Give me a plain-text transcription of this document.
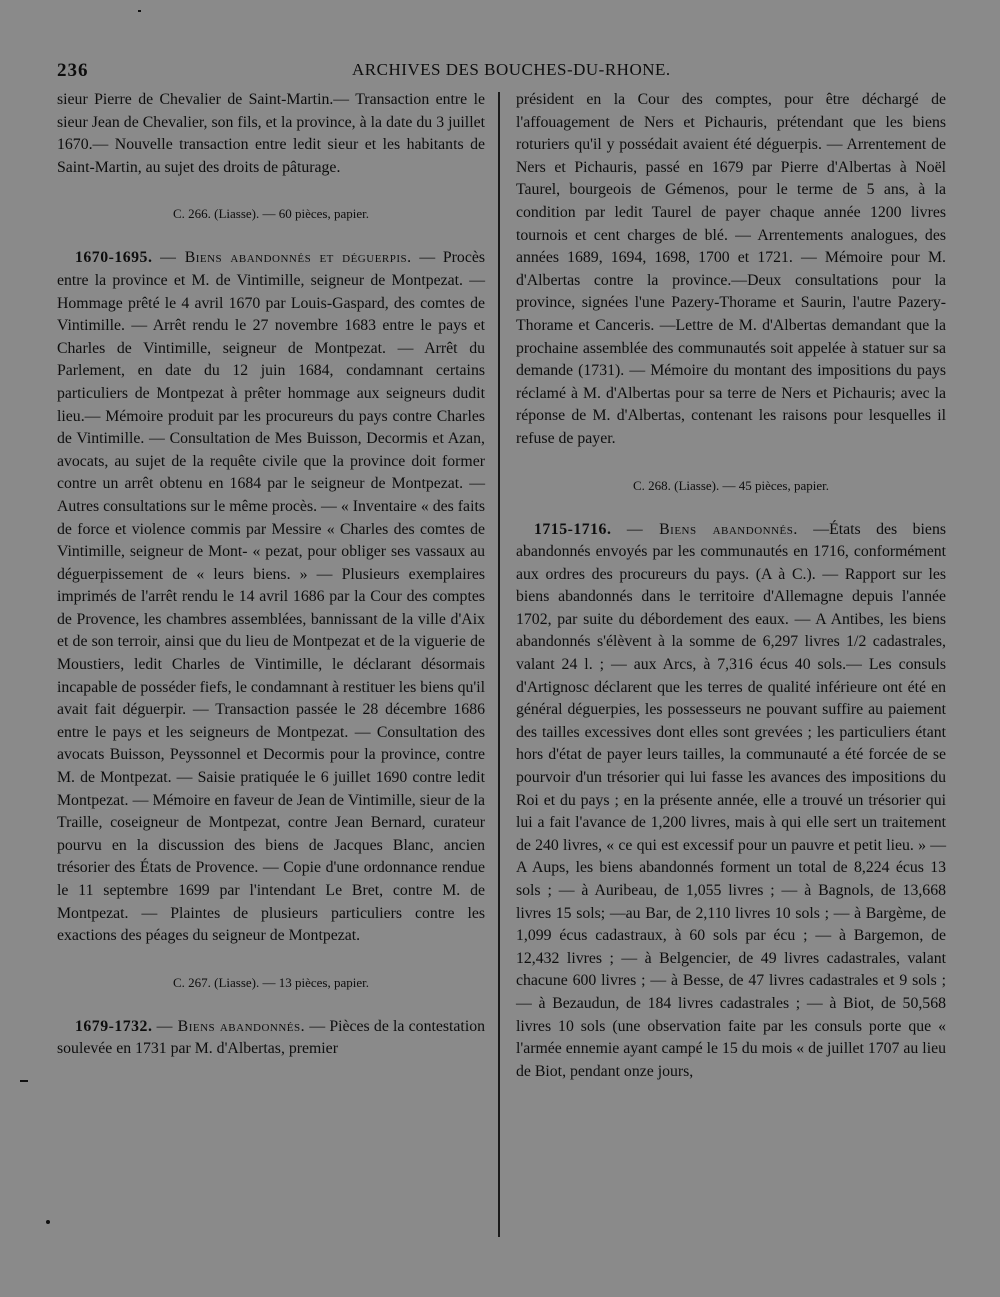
236	ARCHIVES DES BOUCHES-DU-RHONE.

sieur Pierre de Chevalier de Saint-Martin.— Transaction entre le sieur Jean de Chevalier, son fils, et la province, à la date du 3 juillet 1670.— Nouvelle transaction entre ledit sieur et les habitants de Saint-Martin, au sujet des droits de pâturage.

C. 266. (Liasse). — 60 pièces, papier.

1670-1695. — Biens abandonnés et déguerpis. — Procès entre la province et M. de Vintimille, seigneur de Montpezat. — Hommage prêté le 4 avril 1670 par Louis-Gaspard, des comtes de Vintimille. — Arrêt rendu le 27 novembre 1683 entre le pays et Charles de Vintimille, seigneur de Montpezat. — Arrêt du Parlement, en date du 12 juin 1684, condamnant certains particuliers de Montpezat à prêter hommage aux seigneurs dudit lieu.— Mémoire produit par les procureurs du pays contre Charles de Vintimille. — Consultation de Mes Buisson, Decormis et Azan, avocats, au sujet de la requête civile que la province doit former contre un arrêt obtenu en 1684 par le seigneur de Montpezat. — Autres consultations sur le même procès. — « Inventaire « des faits de force et violence commis par Messire « Charles des comtes de Vintimille, seigneur de Mont- « pezat, pour obliger ses vassaux au déguerpissement de « leurs biens. » — Plusieurs exemplaires imprimés de l'arrêt rendu le 14 avril 1686 par la Cour des comptes de Provence, les chambres assemblées, bannissant de la ville d'Aix et de son terroir, ainsi que du lieu de Montpezat et de la viguerie de Moustiers, ledit Charles de Vintimille, le déclarant désormais incapable de posséder fiefs, le condamnant à restituer les biens qu'il avait fait déguerpir. — Transaction passée le 28 décembre 1686 entre le pays et les seigneurs de Montpezat. — Consultation des avocats Buisson, Peyssonnel et Decormis pour la province, contre M. de Montpezat. — Saisie pratiquée le 6 juillet 1690 contre ledit Montpezat. — Mémoire en faveur de Jean de Vintimille, sieur de la Traille, coseigneur de Montpezat, contre Jean Bernard, curateur pourvu en la discussion des biens de Jacques Blanc, ancien trésorier des États de Provence. — Copie d'une ordonnance rendue le 11 septembre 1699 par l'intendant Le Bret, contre M. de Montpezat. — Plaintes de plusieurs particuliers contre les exactions des péages du seigneur de Montpezat.

C. 267. (Liasse). — 13 pièces, papier.

1679-1732. — Biens abandonnés. — Pièces de la contestation soulevée en 1731 par M. d'Albertas, premier

président en la Cour des comptes, pour être déchargé de l'affouagement de Ners et Pichauris, prétendant que les biens roturiers qu'il y possédait avaient été déguerpis. — Arrentement de Ners et Pichauris, passé en 1679 par Pierre d'Albertas à Noël Taurel, bourgeois de Gémenos, pour le terme de 5 ans, à la condition par ledit Taurel de payer chaque année 1200 livres tournois et cent charges de blé. — Arrentements analogues, des années 1689, 1694, 1698, 1700 et 1721. — Mémoire pour M. d'Albertas contre la province.—Deux consultations pour la province, signées l'une Pazery-Thorame et Saurin, l'autre Pazery-Thorame et Canceris. —Lettre de M. d'Albertas demandant que la prochaine assemblée des communautés soit appelée à statuer sur sa demande (1731). — Mémoire du montant des impositions du pays réclamé à M. d'Albertas pour sa terre de Ners et Pichauris; avec la réponse de M. d'Albertas, contenant les raisons pour lesquelles il refuse de payer.

C. 268. (Liasse). — 45 pièces, papier.

1715-1716. — Biens abandonnés. —États des biens abandonnés envoyés par les communautés en 1716, conformément aux ordres des procureurs du pays. (A à C.). — Rapport sur les biens abandonnés dans le territoire d'Allemagne depuis l'année 1702, par suite du débordement des eaux. — A Antibes, les biens abandonnés s'élèvent à la somme de 6,297 livres 1/2 cadastrales, valant 24 l. ; — aux Arcs, à 7,316 écus 40 sols.— Les consuls d'Artignosc déclarent que les terres de qualité inférieure ont été en général déguerpies, les possesseurs ne pouvant suffire au paiement des tailles excessives dont elles sont grevées ; les particuliers étant hors d'état de payer leurs tailles, la communauté a été forcée de se pourvoir d'un trésorier qui lui fasse les avances des impositions du Roi et du pays ; en la présente année, elle a trouvé un trésorier qui lui a fait l'avance de 1,200 livres, mais à qui elle sert un traitement de 240 livres, « ce qui est excessif pour un pauvre et petit lieu. » — A Aups, les biens abandonnés forment un total de 8,224 écus 13 sols ; — à Auribeau, de 1,055 livres ; — à Bagnols, de 13,668 livres 15 sols; —au Bar, de 2,110 livres 10 sols ; — à Bargème, de 1,099 écus cadastraux, à 60 sols par écu ; — à Bargemon, de 12,432 livres ; — à Belgencier, de 49 livres cadastrales, valant chacune 600 livres ; — à Besse, de 47 livres cadastrales et 9 sols ; — à Bezaudun, de 184 livres cadastrales ; — à Biot, de 50,568 livres 10 sols (une observation faite par les consuls porte que « l'armée ennemie ayant campé le 15 du mois « de juillet 1707 au lieu de Biot, pendant onze jours,
